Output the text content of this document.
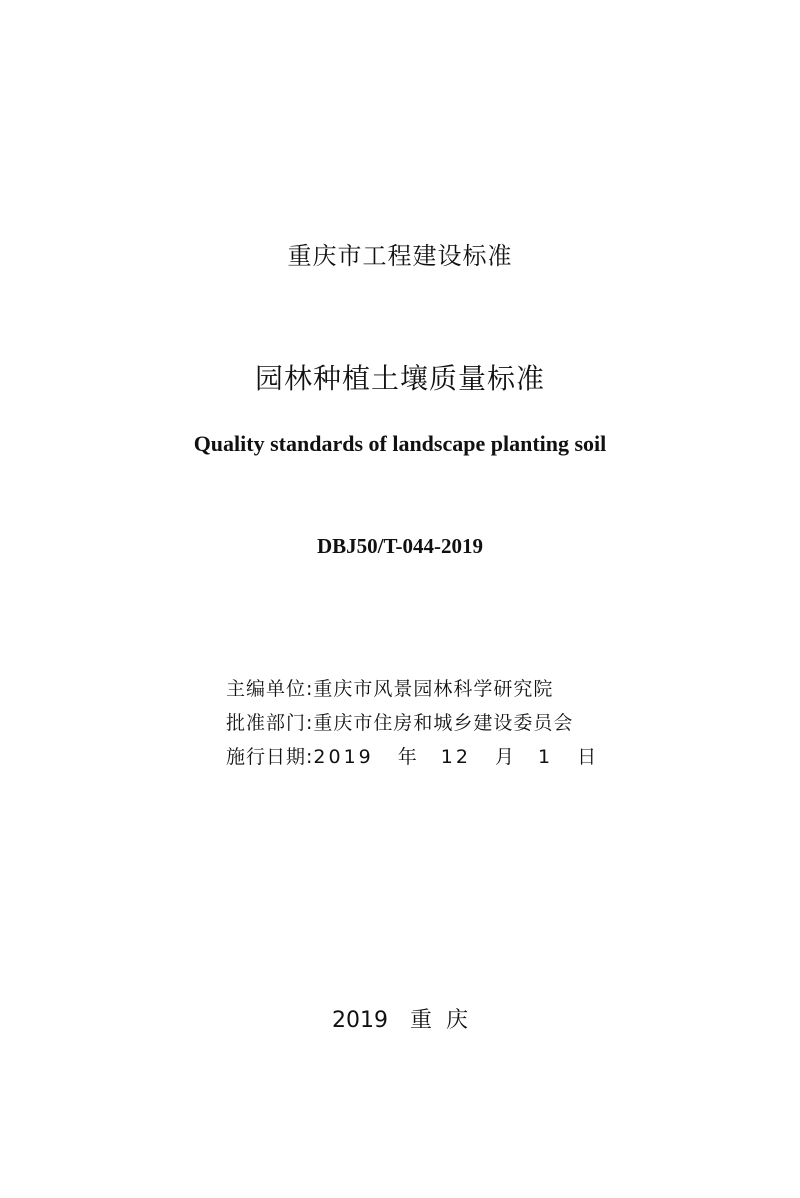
重庆市工程建设标准
园林种植土壤质量标准
Quality standards of landscape planting soil
DBJ50/T-044-2019
主编单位:重庆市风景园林科学研究院
批准部门:重庆市住房和城乡建设委员会
施行日期:2019 年 12 月 1 日
2019 重 庆
